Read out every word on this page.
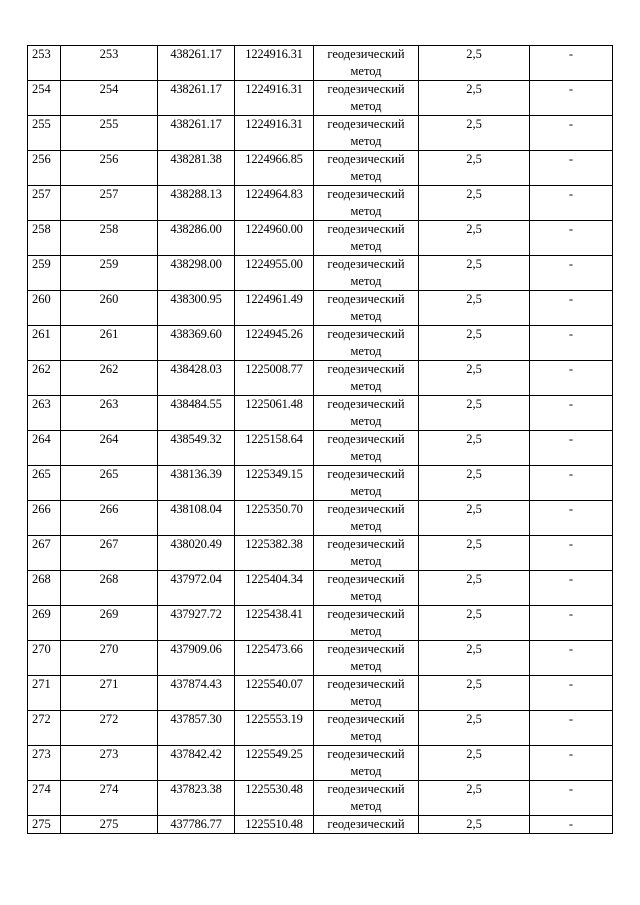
253	253	438261.17	1224916.31	геодезический метод	2,5	-
254	254	438261.17	1224916.31	геодезический метод	2,5	-
255	255	438261.17	1224916.31	геодезический метод	2,5	-
256	256	438281.38	1224966.85	геодезический метод	2,5	-
257	257	438288.13	1224964.83	геодезический метод	2,5	-
258	258	438286.00	1224960.00	геодезический метод	2,5	-
259	259	438298.00	1224955.00	геодезический метод	2,5	-
260	260	438300.95	1224961.49	геодезический метод	2,5	-
261	261	438369.60	1224945.26	геодезический метод	2,5	-
262	262	438428.03	1225008.77	геодезический метод	2,5	-
263	263	438484.55	1225061.48	геодезический метод	2,5	-
264	264	438549.32	1225158.64	геодезический метод	2,5	-
265	265	438136.39	1225349.15	геодезический метод	2,5	-
266	266	438108.04	1225350.70	геодезический метод	2,5	-
267	267	438020.49	1225382.38	геодезический метод	2,5	-
268	268	437972.04	1225404.34	геодезический метод	2,5	-
269	269	437927.72	1225438.41	геодезический метод	2,5	-
270	270	437909.06	1225473.66	геодезический метод	2,5	-
271	271	437874.43	1225540.07	геодезический метод	2,5	-
272	272	437857.30	1225553.19	геодезический метод	2,5	-
273	273	437842.42	1225549.25	геодезический метод	2,5	-
274	274	437823.38	1225530.48	геодезический метод	2,5	-
275	275	437786.77	1225510.48	геодезический	2,5	-
